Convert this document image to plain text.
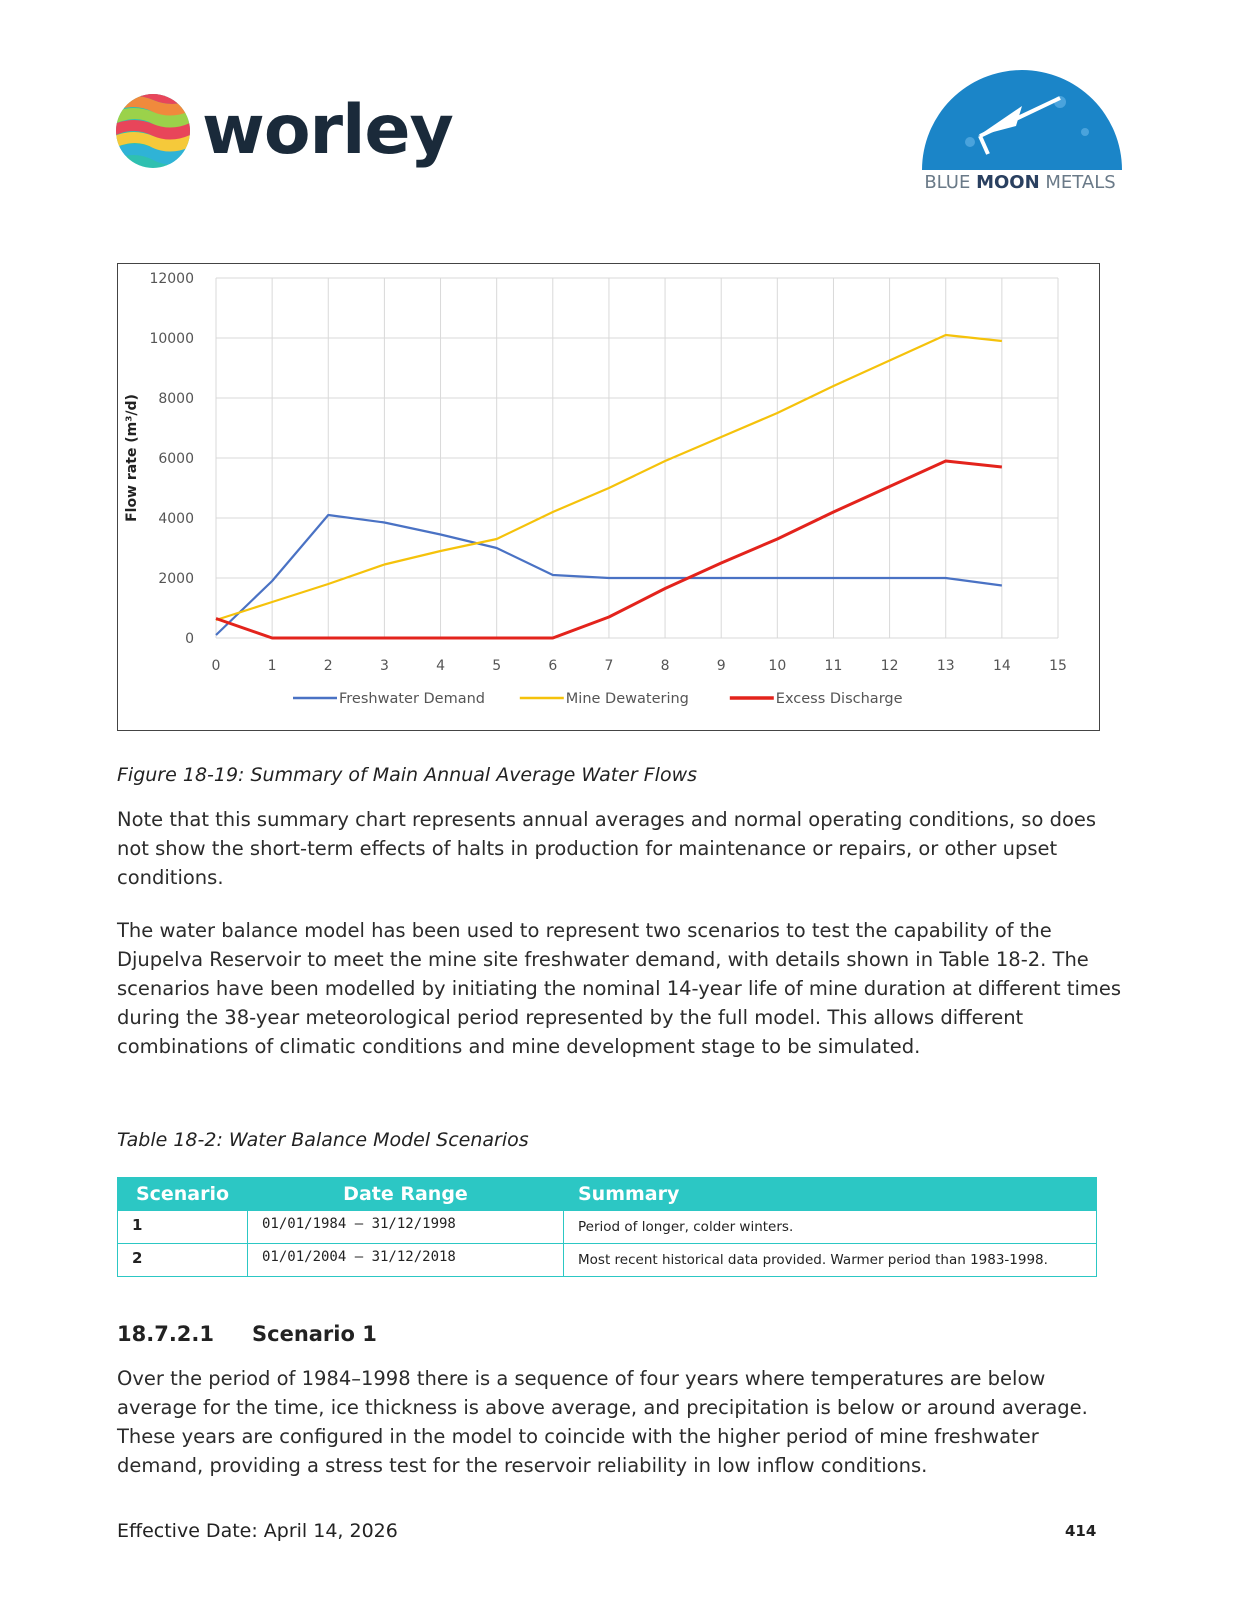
worley
BLUE MOON METALS
0	1	2	3	4	5	6	7	8	9	10	11	12	13	14	15
0
2000
4000
6000
8000
10000
12000
Flow rate (m³/d)
Freshwater Demand	Mine Dewatering	Excess Discharge
Figure 18-19: Summary of Main Annual Average Water Flows

Note that this summary chart represents annual averages and normal operating conditions, so does not show the short-term effects of halts in production for maintenance or repairs, or other upset conditions.

The water balance model has been used to represent two scenarios to test the capability of the Djupelva Reservoir to meet the mine site freshwater demand, with details shown in Table 18-2. The scenarios have been modelled by initiating the nominal 14-year life of mine duration at different times during the 38-year meteorological period represented by the full model. This allows different combinations of climatic conditions and mine development stage to be simulated.

Table 18-2: Water Balance Model Scenarios
Scenario	Date Range	Summary
1	01/01/1984 – 31/12/1998	Period of longer, colder winters.
2	01/01/2004 – 31/12/2018	Most recent historical data provided. Warmer period than 1983-1998.
18.7.2.1 Scenario 1

Over the period of 1984–1998 there is a sequence of four years where temperatures are below average for the time, ice thickness is above average, and precipitation is below or around average. These years are configured in the model to coincide with the higher period of mine freshwater demand, providing a stress test for the reservoir reliability in low inflow conditions.

Effective Date: April 14, 2026	414
